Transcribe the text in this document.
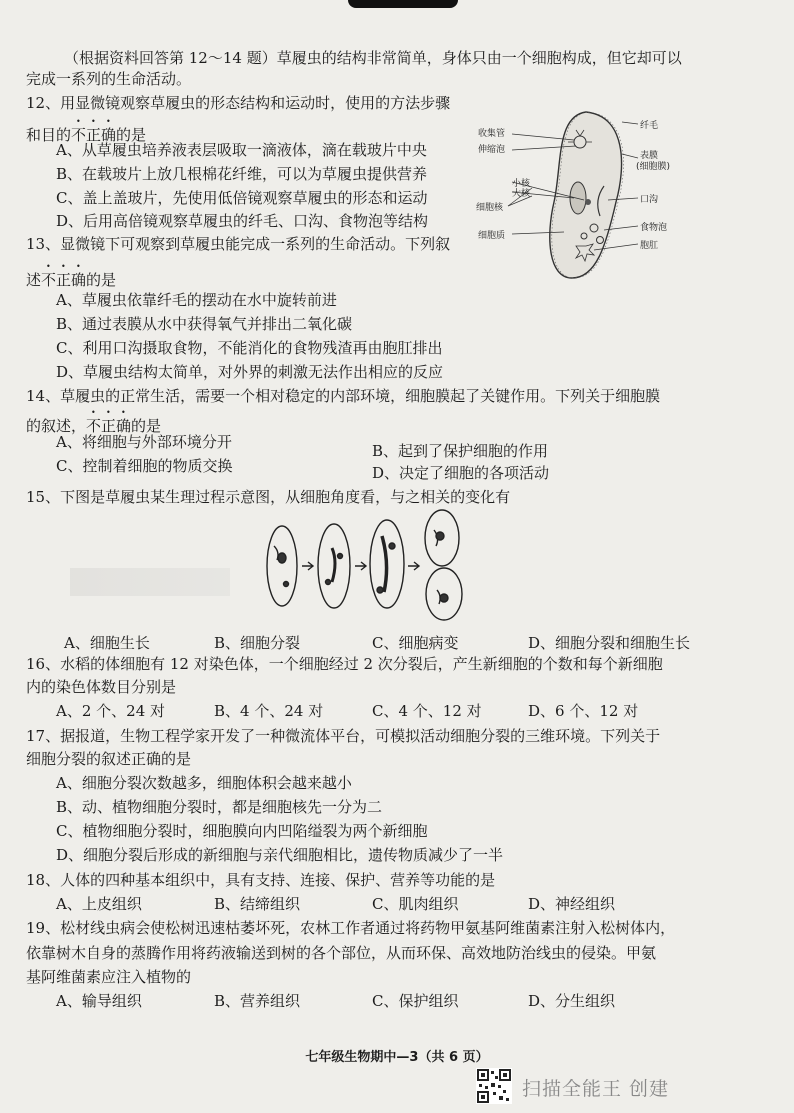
（根据资料回答第 12～14 题）草履虫的结构非常简单，身体只由一个细胞构成，但它却可以
完成一系列的生命活动。
12、用显微镜观察草履虫的形态结构和运动时，使用的方法步骤
和目的不正确的是
A、从草履虫培养液表层吸取一滴液体，滴在载玻片中央
B、在载玻片上放几根棉花纤维，可以为草履虫提供营养
C、盖上盖玻片，先使用低倍镜观察草履虫的形态和运动
D、后用高倍镜观察草履虫的纤毛、口沟、食物泡等结构
13、显微镜下可观察到草履虫能完成一系列的生命活动。下列叙
述不正确的是
A、草履虫依靠纤毛的摆动在水中旋转前进
B、通过表膜从水中获得氧气并排出二氧化碳
C、利用口沟摄取食物，不能消化的食物残渣再由胞肛排出
D、草履虫结构太简单，对外界的刺激无法作出相应的反应
14、草履虫的正常生活，需要一个相对稳定的内部环境，细胞膜起了关键作用。下列关于细胞膜
的叙述，不正确的是
A、将细胞与外部环境分开	B、起到了保护细胞的作用
C、控制着细胞的物质交换	D、决定了细胞的各项活动
15、下图是草履虫某生理过程示意图，从细胞角度看，与之相关的变化有
A、细胞生长	B、细胞分裂	C、细胞病变	D、细胞分裂和细胞生长
16、水稻的体细胞有 12 对染色体，一个细胞经过 2 次分裂后，产生新细胞的个数和每个新细胞
内的染色体数目分别是
A、2 个、24 对	B、4 个、24 对	C、4 个、12 对	D、6 个、12 对
17、据报道，生物工程学家开发了一种微流体平台，可模拟活动细胞分裂的三维环境。下列关于
细胞分裂的叙述正确的是
A、细胞分裂次数越多，细胞体积会越来越小
B、动、植物细胞分裂时，都是细胞核先一分为二
C、植物细胞分裂时，细胞膜向内凹陷缢裂为两个新细胞
D、细胞分裂后形成的新细胞与亲代细胞相比，遗传物质减少了一半
18、人体的四种基本组织中，具有支持、连接、保护、营养等功能的是
A、上皮组织	B、结缔组织	C、肌肉组织	D、神经组织
19、松材线虫病会使松树迅速枯萎坏死，农林工作者通过将药物甲氨基阿维菌素注射入松树体内，
依靠树木自身的蒸腾作用将药液输送到树的各个部位，从而环保、高效地防治线虫的侵染。甲氨
基阿维菌素应注入植物的
A、输导组织	B、营养组织	C、保护组织	D、分生组织
收集管
伸缩泡
小核
大核
细胞核
细胞质
纤毛
表膜
(细胞膜)
口沟
食物泡
胞肛
七年级生物期中—3（共 6 页）
扫描全能王 创建
